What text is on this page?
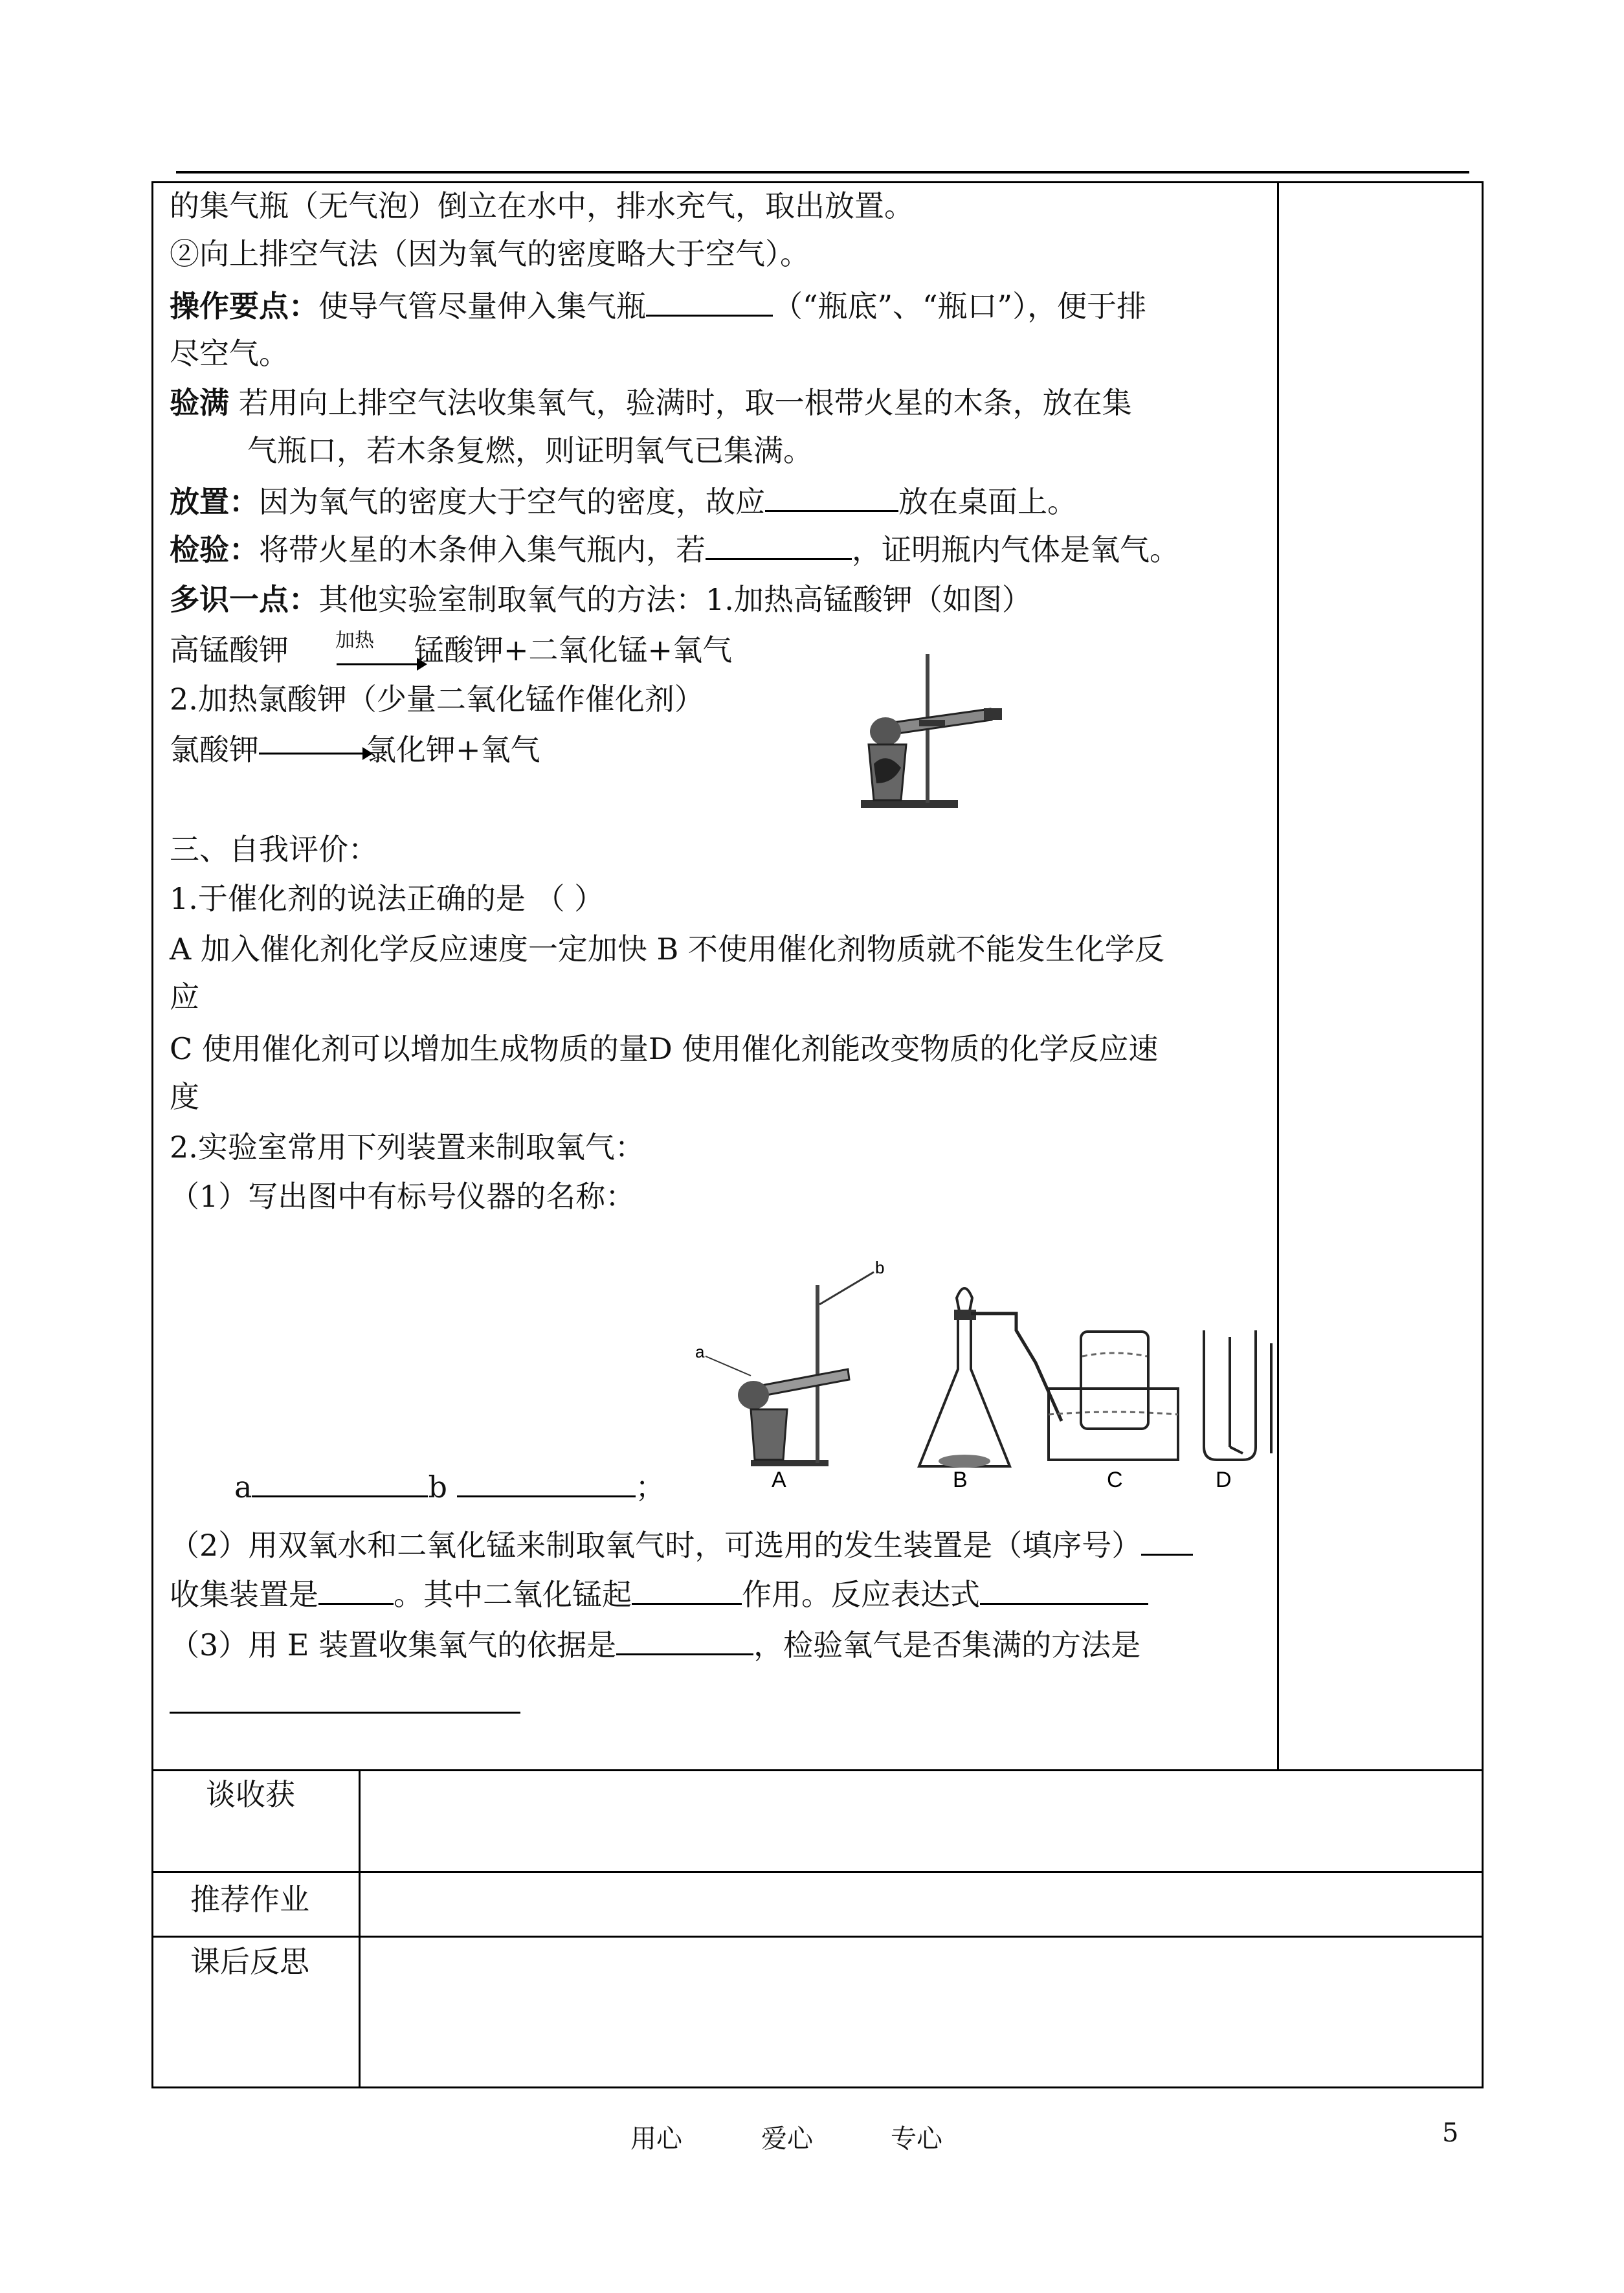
的集气瓶（无气泡）倒立在水中，排水充气，取出放置。
②向上排空气法（因为氧气的密度略大于空气）。
操作要点：使导气管尽量伸入集气瓶	（“瓶底”、“瓶口”），便于排
尽空气。
验满 若用向上排空气法收集氧气，验满时，取一根带火星的木条，放在集
气瓶口，若木条复燃，则证明氧气已集满。
放置：因为氧气的密度大于空气的密度，故应	放在桌面上。
检验：将带火星的木条伸入集气瓶内，若	，证明瓶内气体是氧气。
多识一点：其他实验室制取氧气的方法：1.加热高锰酸钾（如图）
高锰酸钾 加热 锰酸钾+二氧化锰+氧气
2.加热氯酸钾（少量二氧化锰作催化剂）
氯酸钾	氯化钾+氧气
三、自我评价：
1.于催化剂的说法正确的是 （ ）
A 加入催化剂化学反应速度一定加快 B 不使用催化剂物质就不能发生化学反
应
C 使用催化剂可以增加生成物质的量D 使用催化剂能改变物质的化学反应速
度
2.实验室常用下列装置来制取氧气：
（1）写出图中有标号仪器的名称：
a
b
A	B	C	D
a	b	；
（2）用双氧水和二氧化锰来制取氧气时，可选用的发生装置是（填序号）
收集装置是	。其中二氧化锰起	作用。反应表达式
（3）用 E 装置收集氧气的依据是	，检验氧气是否集满的方法是
谈收获
推荐作业
课后反思
用心	爱心	专心	5
